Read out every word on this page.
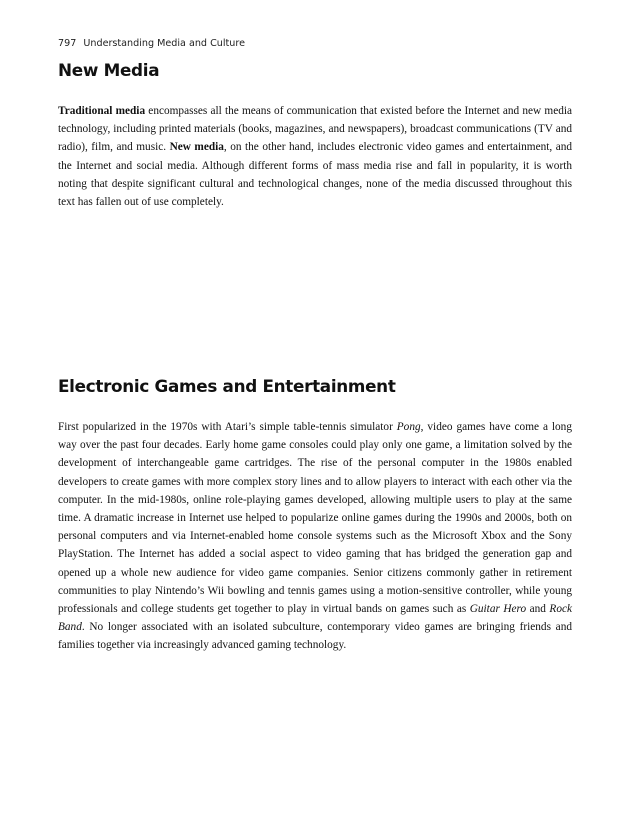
797 Understanding Media and Culture
New Media

Traditional media encompasses all the means of communication that existed before the Internet and new media technology, including printed materials (books, magazines, and newspapers), broadcast communications (TV and radio), film, and music. New media, on the other hand, includes electronic video games and entertainment, and the Internet and social media. Although different forms of mass media rise and fall in popularity, it is worth noting that despite significant cultural and technological changes, none of the media discussed throughout this text has fallen out of use completely.

Electronic Games and Entertainment

First popularized in the 1970s with Atari’s simple table-tennis simulator Pong, video games have come a long way over the past four decades. Early home game consoles could play only one game, a limitation solved by the development of interchangeable game cartridges. The rise of the personal computer in the 1980s enabled developers to create games with more complex story lines and to allow players to interact with each other via the computer. In the mid-1980s, online role-playing games developed, allowing multiple users to play at the same time. A dramatic increase in Internet use helped to popularize online games during the 1990s and 2000s, both on personal computers and via Internet-enabled home console systems such as the Microsoft Xbox and the Sony PlayStation. The Internet has added a social aspect to video gaming that has bridged the generation gap and opened up a whole new audience for video game companies. Senior citizens commonly gather in retirement communities to play Nintendo’s Wii bowling and tennis games using a motion-sensitive controller, while young professionals and college students get together to play in virtual bands on games such as Guitar Hero and Rock Band. No longer associated with an isolated subculture, contemporary video games are bringing friends and families together via increasingly advanced gaming technology.
